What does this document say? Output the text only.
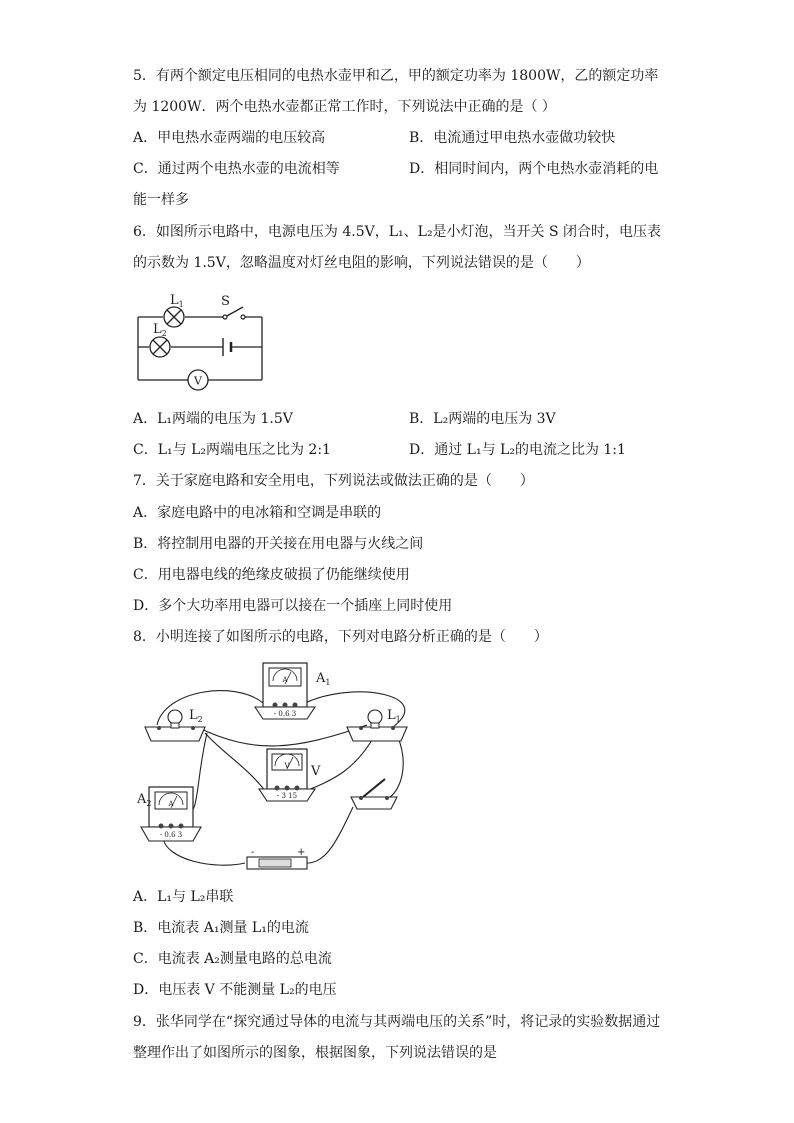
5．有两个额定电压相同的电热水壶甲和乙，甲的额定功率为 1800W，乙的额定功率
为 1200W．两个电热水壶都正常工作时，下列说法中正确的是（ ）
A．甲电热水壶两端的电压较高	B．电流通过甲电热水壶做功较快
C．通过两个电热水壶的电流相等	D．相同时间内，两个电热水壶消耗的电
能一样多
6．如图所示电路中，电源电压为 4.5V，L₁、L₂是小灯泡，当开关 S 闭合时，电压表
的示数为 1.5V，忽略温度对灯丝电阻的影响，下列说法错误的是（　　）
V
$L_1$
$L_2$
S
A．L₁两端的电压为 1.5V	B．L₂两端的电压为 3V
C．L₁与 L₂两端电压之比为 2:1	D．通过 L₁与 L₂的电流之比为 1:1
7．关于家庭电路和安全用电，下列说法或做法正确的是（　　）
A．家庭电路中的电冰箱和空调是串联的
B．将控制用电器的开关接在用电器与火线之间
C．用电器电线的绝缘皮破损了仍能继续使用
D．多个大功率用电器可以接在一个插座上同时使用
8．小明连接了如图所示的电路，下列对电路分析正确的是（　　）
A
- 0.6 3
V
- 3 15
A
- 0.6 3
-	+
$A_1$
$L_2$	$L_1$
V
$A_2$
A．L₁与 L₂串联
B．电流表 A₁测量 L₁的电流
C．电流表 A₂测量电路的总电流
D．电压表 V 不能测量 L₂的电压
9．张华同学在“探究通过导体的电流与其两端电压的关系”时，将记录的实验数据通过
整理作出了如图所示的图象，根据图象，下列说法错误的是
